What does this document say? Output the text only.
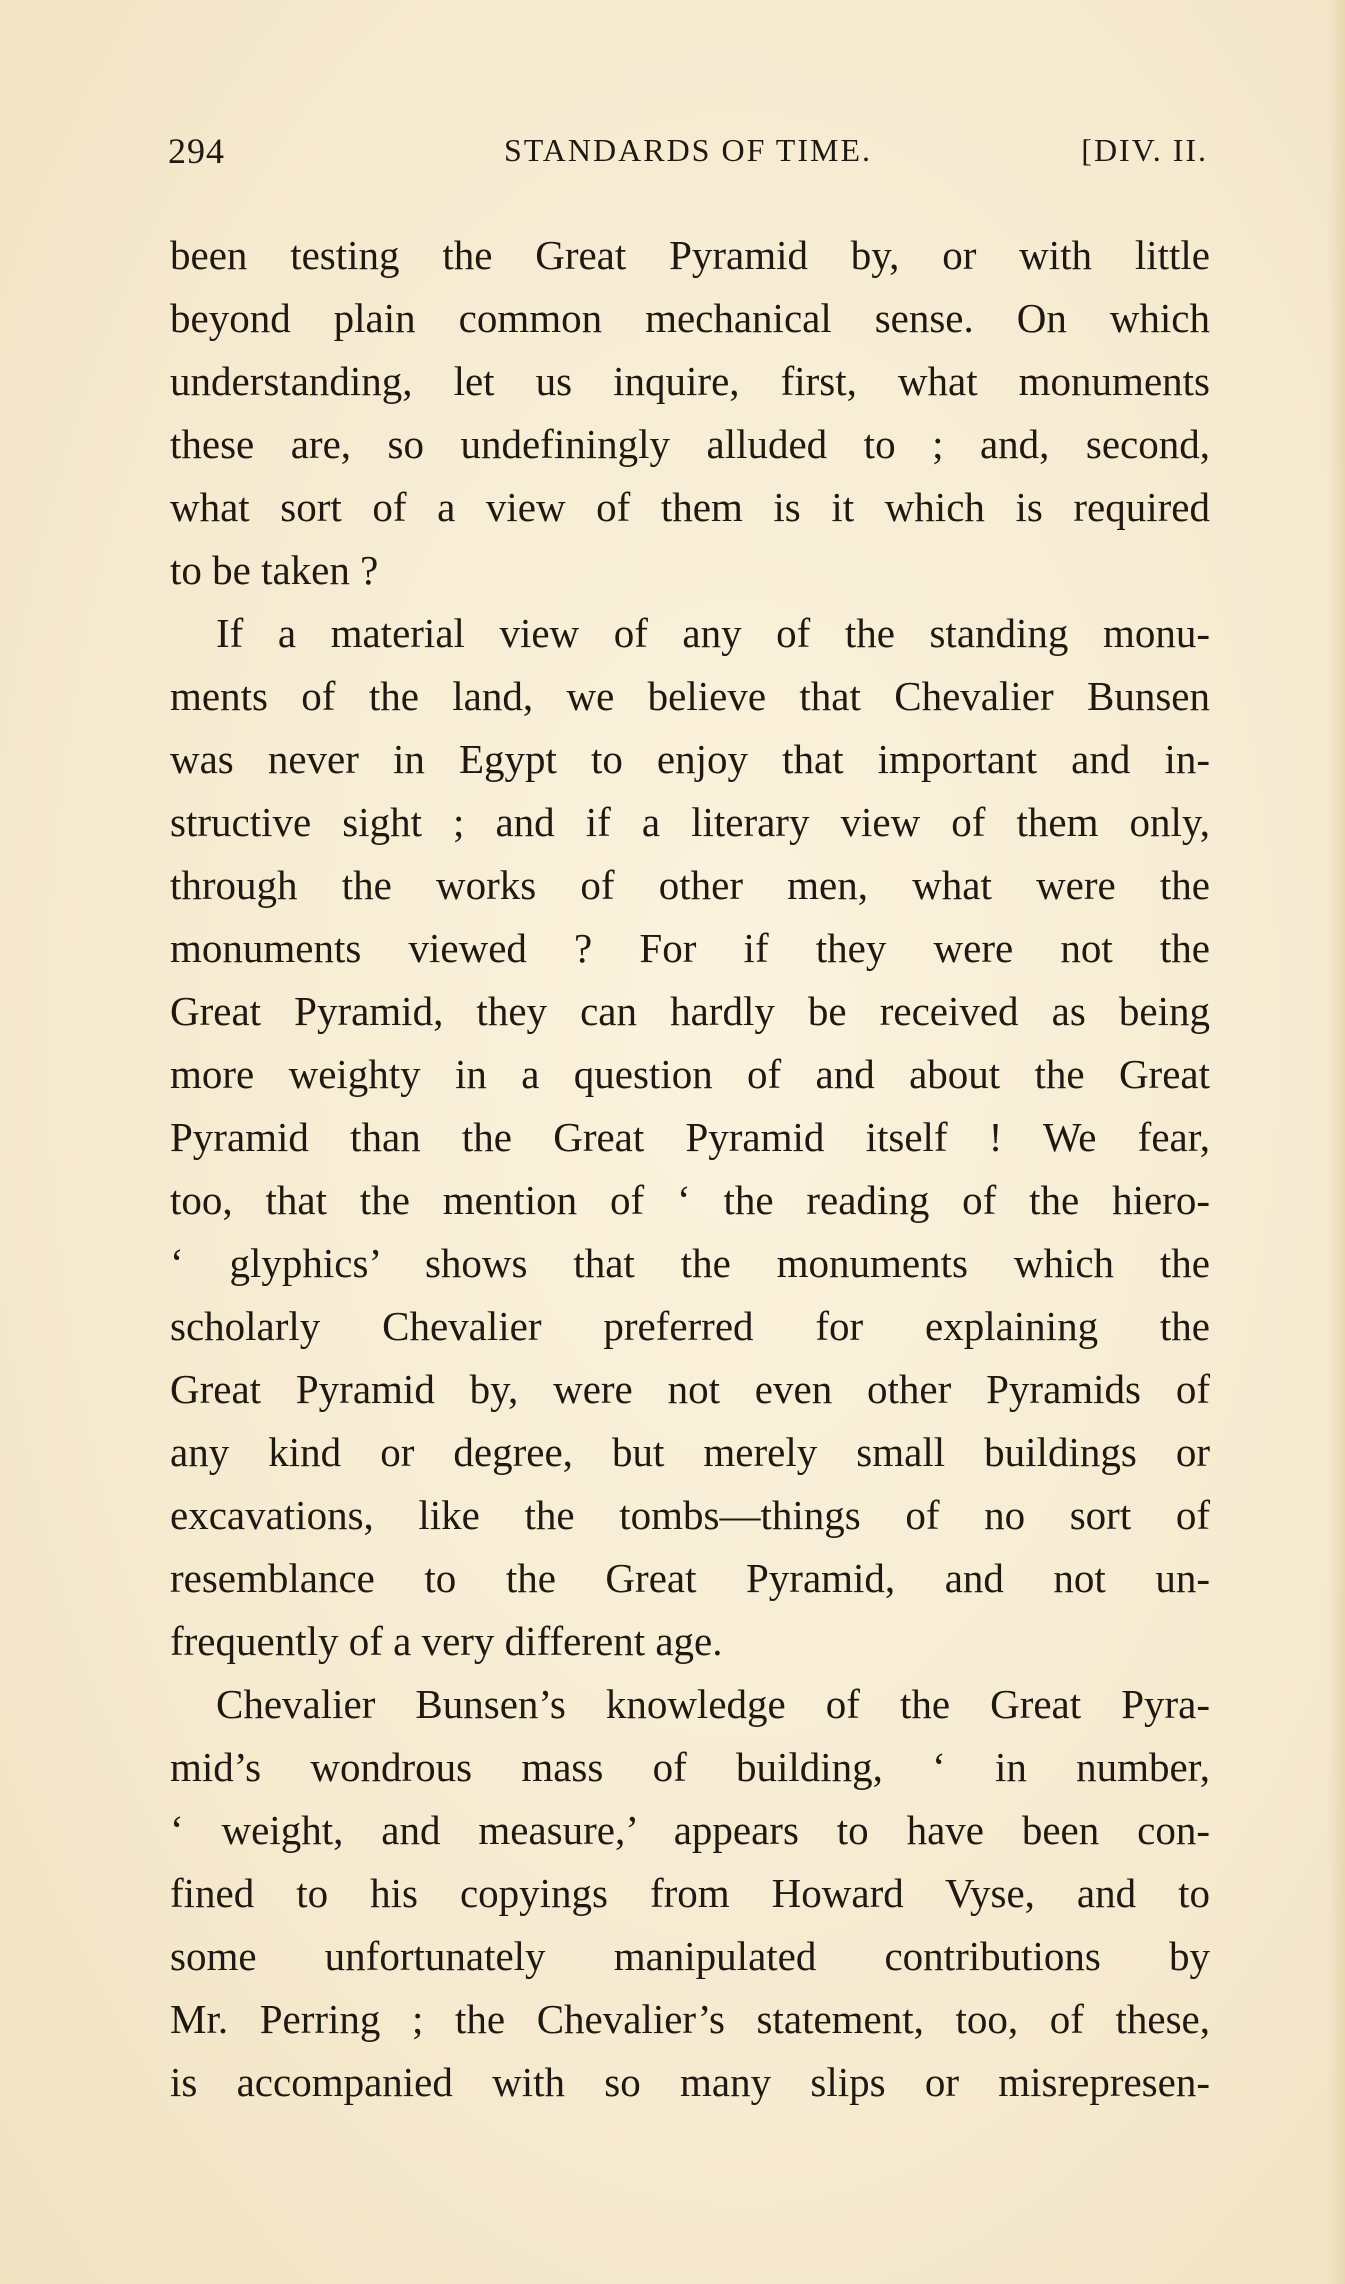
294	STANDARDS OF TIME.	[DIV. II.
been testing the Great Pyramid by, or with little
beyond plain common mechanical sense. On which
understanding, let us inquire, first, what monuments
these are, so undefiningly alluded to ; and, second,
what sort of a view of them is it which is required
to be taken ?
If a material view of any of the standing monu-
ments of the land, we believe that Chevalier Bunsen
was never in Egypt to enjoy that important and in-
structive sight ; and if a literary view of them only,
through the works of other men, what were the
monuments viewed ? For if they were not the
Great Pyramid, they can hardly be received as being
more weighty in a question of and about the Great
Pyramid than the Great Pyramid itself ! We fear,
too, that the mention of ‘ the reading of the hiero-
‘ glyphics’ shows that the monuments which the
scholarly Chevalier preferred for explaining the
Great Pyramid by, were not even other Pyramids of
any kind or degree, but merely small buildings or
excavations, like the tombs—things of no sort of
resemblance to the Great Pyramid, and not un-
frequently of a very different age.
Chevalier Bunsen’s knowledge of the Great Pyra-
mid’s wondrous mass of building, ‘ in number,
‘ weight, and measure,’ appears to have been con-
fined to his copyings from Howard Vyse, and to
some unfortunately manipulated contributions by
Mr. Perring ; the Chevalier’s statement, too, of these,
is accompanied with so many slips or misrepresen-
